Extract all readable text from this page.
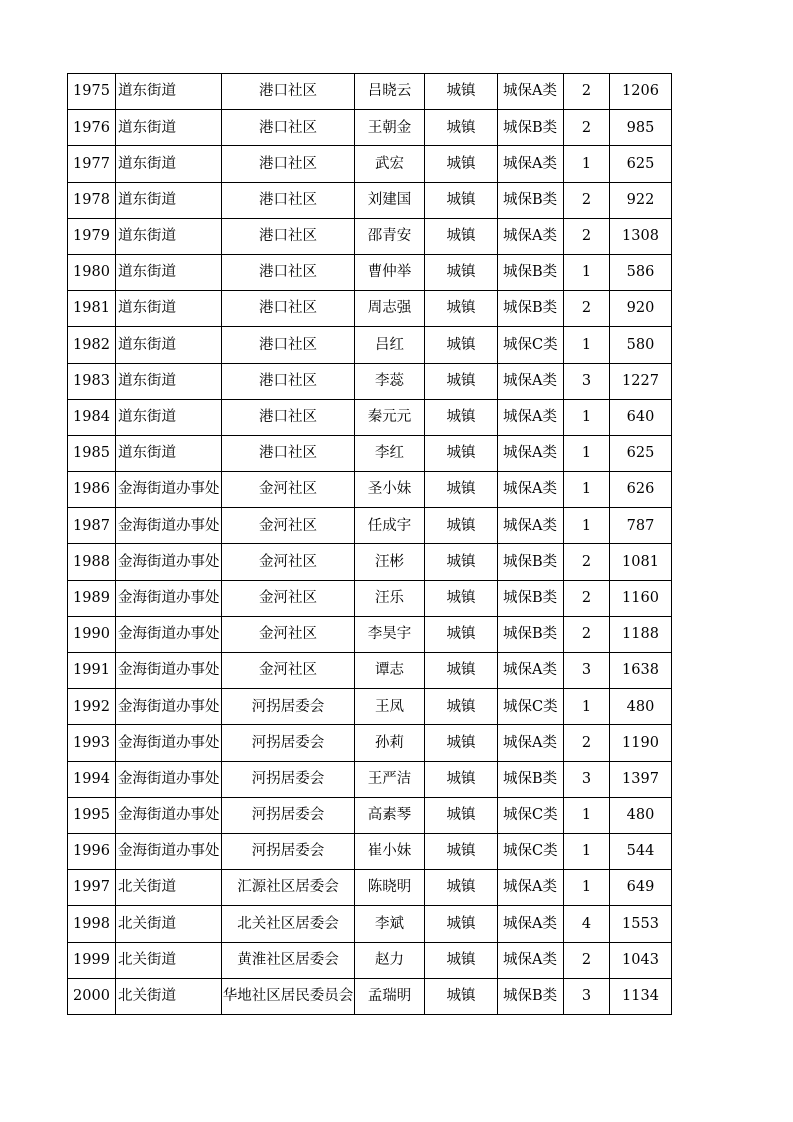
1975	道东街道	港口社区	吕晓云	城镇	城保A类	2	1206
1976	道东街道	港口社区	王朝金	城镇	城保B类	2	985
1977	道东街道	港口社区	武宏	城镇	城保A类	1	625
1978	道东街道	港口社区	刘建国	城镇	城保B类	2	922
1979	道东街道	港口社区	邵青安	城镇	城保A类	2	1308
1980	道东街道	港口社区	曹仲举	城镇	城保B类	1	586
1981	道东街道	港口社区	周志强	城镇	城保B类	2	920
1982	道东街道	港口社区	吕红	城镇	城保C类	1	580
1983	道东街道	港口社区	李蕊	城镇	城保A类	3	1227
1984	道东街道	港口社区	秦元元	城镇	城保A类	1	640
1985	道东街道	港口社区	李红	城镇	城保A类	1	625
1986	金海街道办事处	金河社区	圣小妹	城镇	城保A类	1	626
1987	金海街道办事处	金河社区	任成宇	城镇	城保A类	1	787
1988	金海街道办事处	金河社区	汪彬	城镇	城保B类	2	1081
1989	金海街道办事处	金河社区	汪乐	城镇	城保B类	2	1160
1990	金海街道办事处	金河社区	李昊宇	城镇	城保B类	2	1188
1991	金海街道办事处	金河社区	谭志	城镇	城保A类	3	1638
1992	金海街道办事处	河拐居委会	王凤	城镇	城保C类	1	480
1993	金海街道办事处	河拐居委会	孙莉	城镇	城保A类	2	1190
1994	金海街道办事处	河拐居委会	王严洁	城镇	城保B类	3	1397
1995	金海街道办事处	河拐居委会	高素琴	城镇	城保C类	1	480
1996	金海街道办事处	河拐居委会	崔小妹	城镇	城保C类	1	544
1997	北关街道	汇源社区居委会	陈晓明	城镇	城保A类	1	649
1998	北关街道	北关社区居委会	李斌	城镇	城保A类	4	1553
1999	北关街道	黄淮社区居委会	赵力	城镇	城保A类	2	1043
2000	北关街道	华地社区居民委员会	孟瑞明	城镇	城保B类	3	1134
